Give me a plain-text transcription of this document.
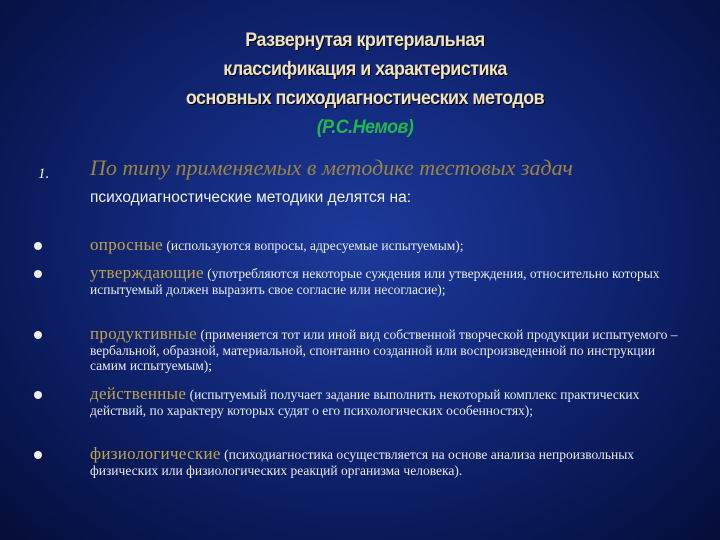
Развернутая критериальная
классификация и характеристика
основных психодиагностических методов
(Р.С.Немов)
1. По типу применяемых в методике тестовых задач психодиагностические методики делятся на:
опросные (используются вопросы, адресуемые испытуемым);
утверждающие (употребляются некоторые суждения или утверждения, относительно которых испытуемый должен выразить свое согласие или несогласие);
продуктивные (применяется тот или иной вид собственной творческой продукции испытуемого – вербальной, образной, материальной, спонтанно созданной или воспроизведенной по инструкции самим испытуемым);
действенные (испытуемый получает задание выполнить некоторый комплекс практических действий, по характеру которых судят о его психологических особенностях);
физиологические (психодиагностика осуществляется на основе анализа непроизвольных физических или физиологических реакций организма человека).
